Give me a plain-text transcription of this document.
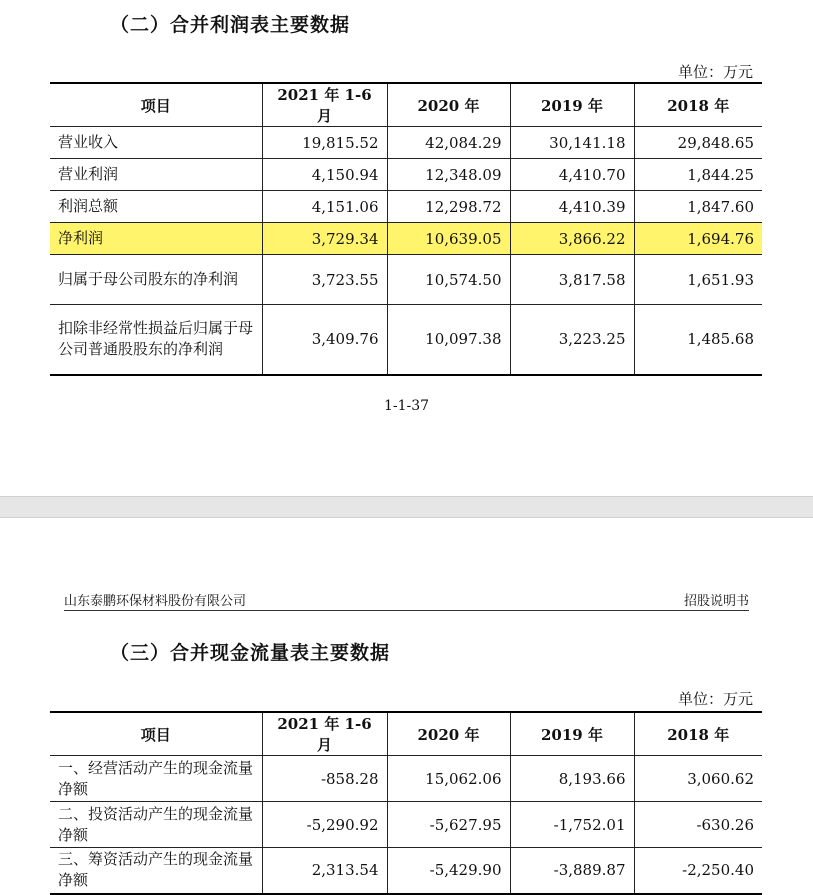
（二）合并利润表主要数据
单位：万元
项目	2021 年 1-6 月	2020 年	2019 年	2018 年
营业收入	19,815.52	42,084.29	30,141.18	29,848.65
营业利润	4,150.94	12,348.09	4,410.70	1,844.25
利润总额	4,151.06	12,298.72	4,410.39	1,847.60
净利润	3,729.34	10,639.05	3,866.22	1,694.76
归属于母公司股东的净利润	3,723.55	10,574.50	3,817.58	1,651.93
扣除非经常性损益后归属于母公司普通股股东的净利润	3,409.76	10,097.38	3,223.25	1,485.68
1-1-37
山东泰鹏环保材料股份有限公司	招股说明书
（三）合并现金流量表主要数据
单位：万元
项目	2021 年 1-6 月	2020 年	2019 年	2018 年
一、经营活动产生的现金流量净额	-858.28	15,062.06	8,193.66	3,060.62
二、投资活动产生的现金流量净额	-5,290.92	-5,627.95	-1,752.01	-630.26
三、筹资活动产生的现金流量净额	2,313.54	-5,429.90	-3,889.87	-2,250.40
